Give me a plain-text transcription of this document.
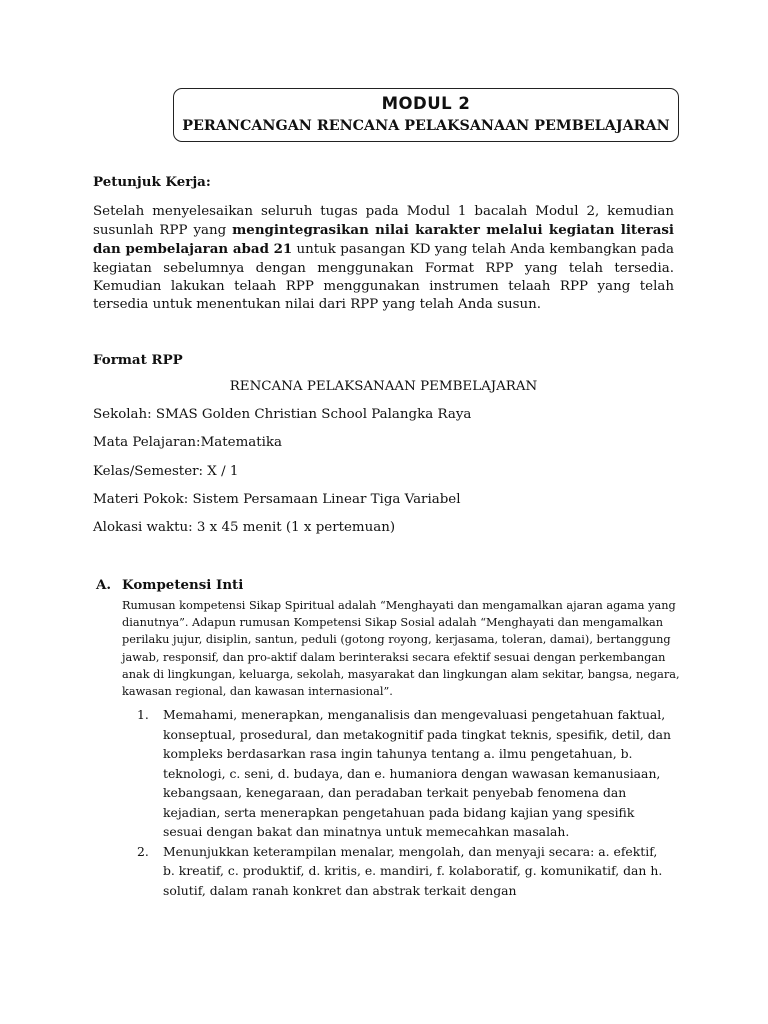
MODUL 2
PERANCANGAN RENCANA PELAKSANAAN PEMBELAJARAN
Petunjuk Kerja:

Setelah menyelesaikan seluruh tugas pada Modul 1 bacalah Modul 2, kemudian susunlah RPP yang mengintegrasikan nilai karakter melalui kegiatan literasi dan pembelajaran abad 21 untuk pasangan KD yang telah Anda kembangkan pada kegiatan sebelumnya dengan menggunakan Format RPP yang telah tersedia. Kemudian lakukan telaah RPP menggunakan instrumen telaah RPP yang telah tersedia untuk menentukan nilai dari RPP yang telah Anda susun.

Format RPP
RENCANA PELAKSANAAN PEMBELAJARAN
Sekolah: SMAS Golden Christian School Palangka Raya
Mata Pelajaran:Matematika
Kelas/Semester: X / 1
Materi Pokok: Sistem Persamaan Linear Tiga Variabel
Alokasi waktu: 3 x 45 menit (1 x pertemuan)
A. Kompetensi Inti

Rumusan kompetensi Sikap Spiritual adalah “Menghayati dan mengamalkan ajaran agama yang dianutnya”. Adapun rumusan Kompetensi Sikap Sosial adalah “Menghayati dan mengamalkan perilaku jujur, disiplin, santun, peduli (gotong royong, kerjasama, toleran, damai), bertanggung jawab, responsif, dan pro-aktif dalam berinteraksi secara efektif sesuai dengan perkembangan anak di lingkungan, keluarga, sekolah, masyarakat dan lingkungan alam sekitar, bangsa, negara, kawasan regional, dan kawasan internasional”.

1. Memahami, menerapkan, menganalisis dan mengevaluasi pengetahuan faktual, konseptual, prosedural, dan metakognitif pada tingkat teknis, spesifik, detil, dan kompleks berdasarkan rasa ingin tahunya tentang a. ilmu pengetahuan, b. teknologi, c. seni, d. budaya, dan e. humaniora dengan wawasan kemanusiaan, kebangsaan, kenegaraan, dan peradaban terkait penyebab fenomena dan kejadian, serta menerapkan pengetahuan pada bidang kajian yang spesifik sesuai dengan bakat dan minatnya untuk memecahkan masalah.
2. Menunjukkan keterampilan menalar, mengolah, dan menyaji secara: a. efektif, b. kreatif, c. produktif, d. kritis, e. mandiri, f. kolaboratif, g. komunikatif, dan h. solutif, dalam ranah konkret dan abstrak terkait dengan
